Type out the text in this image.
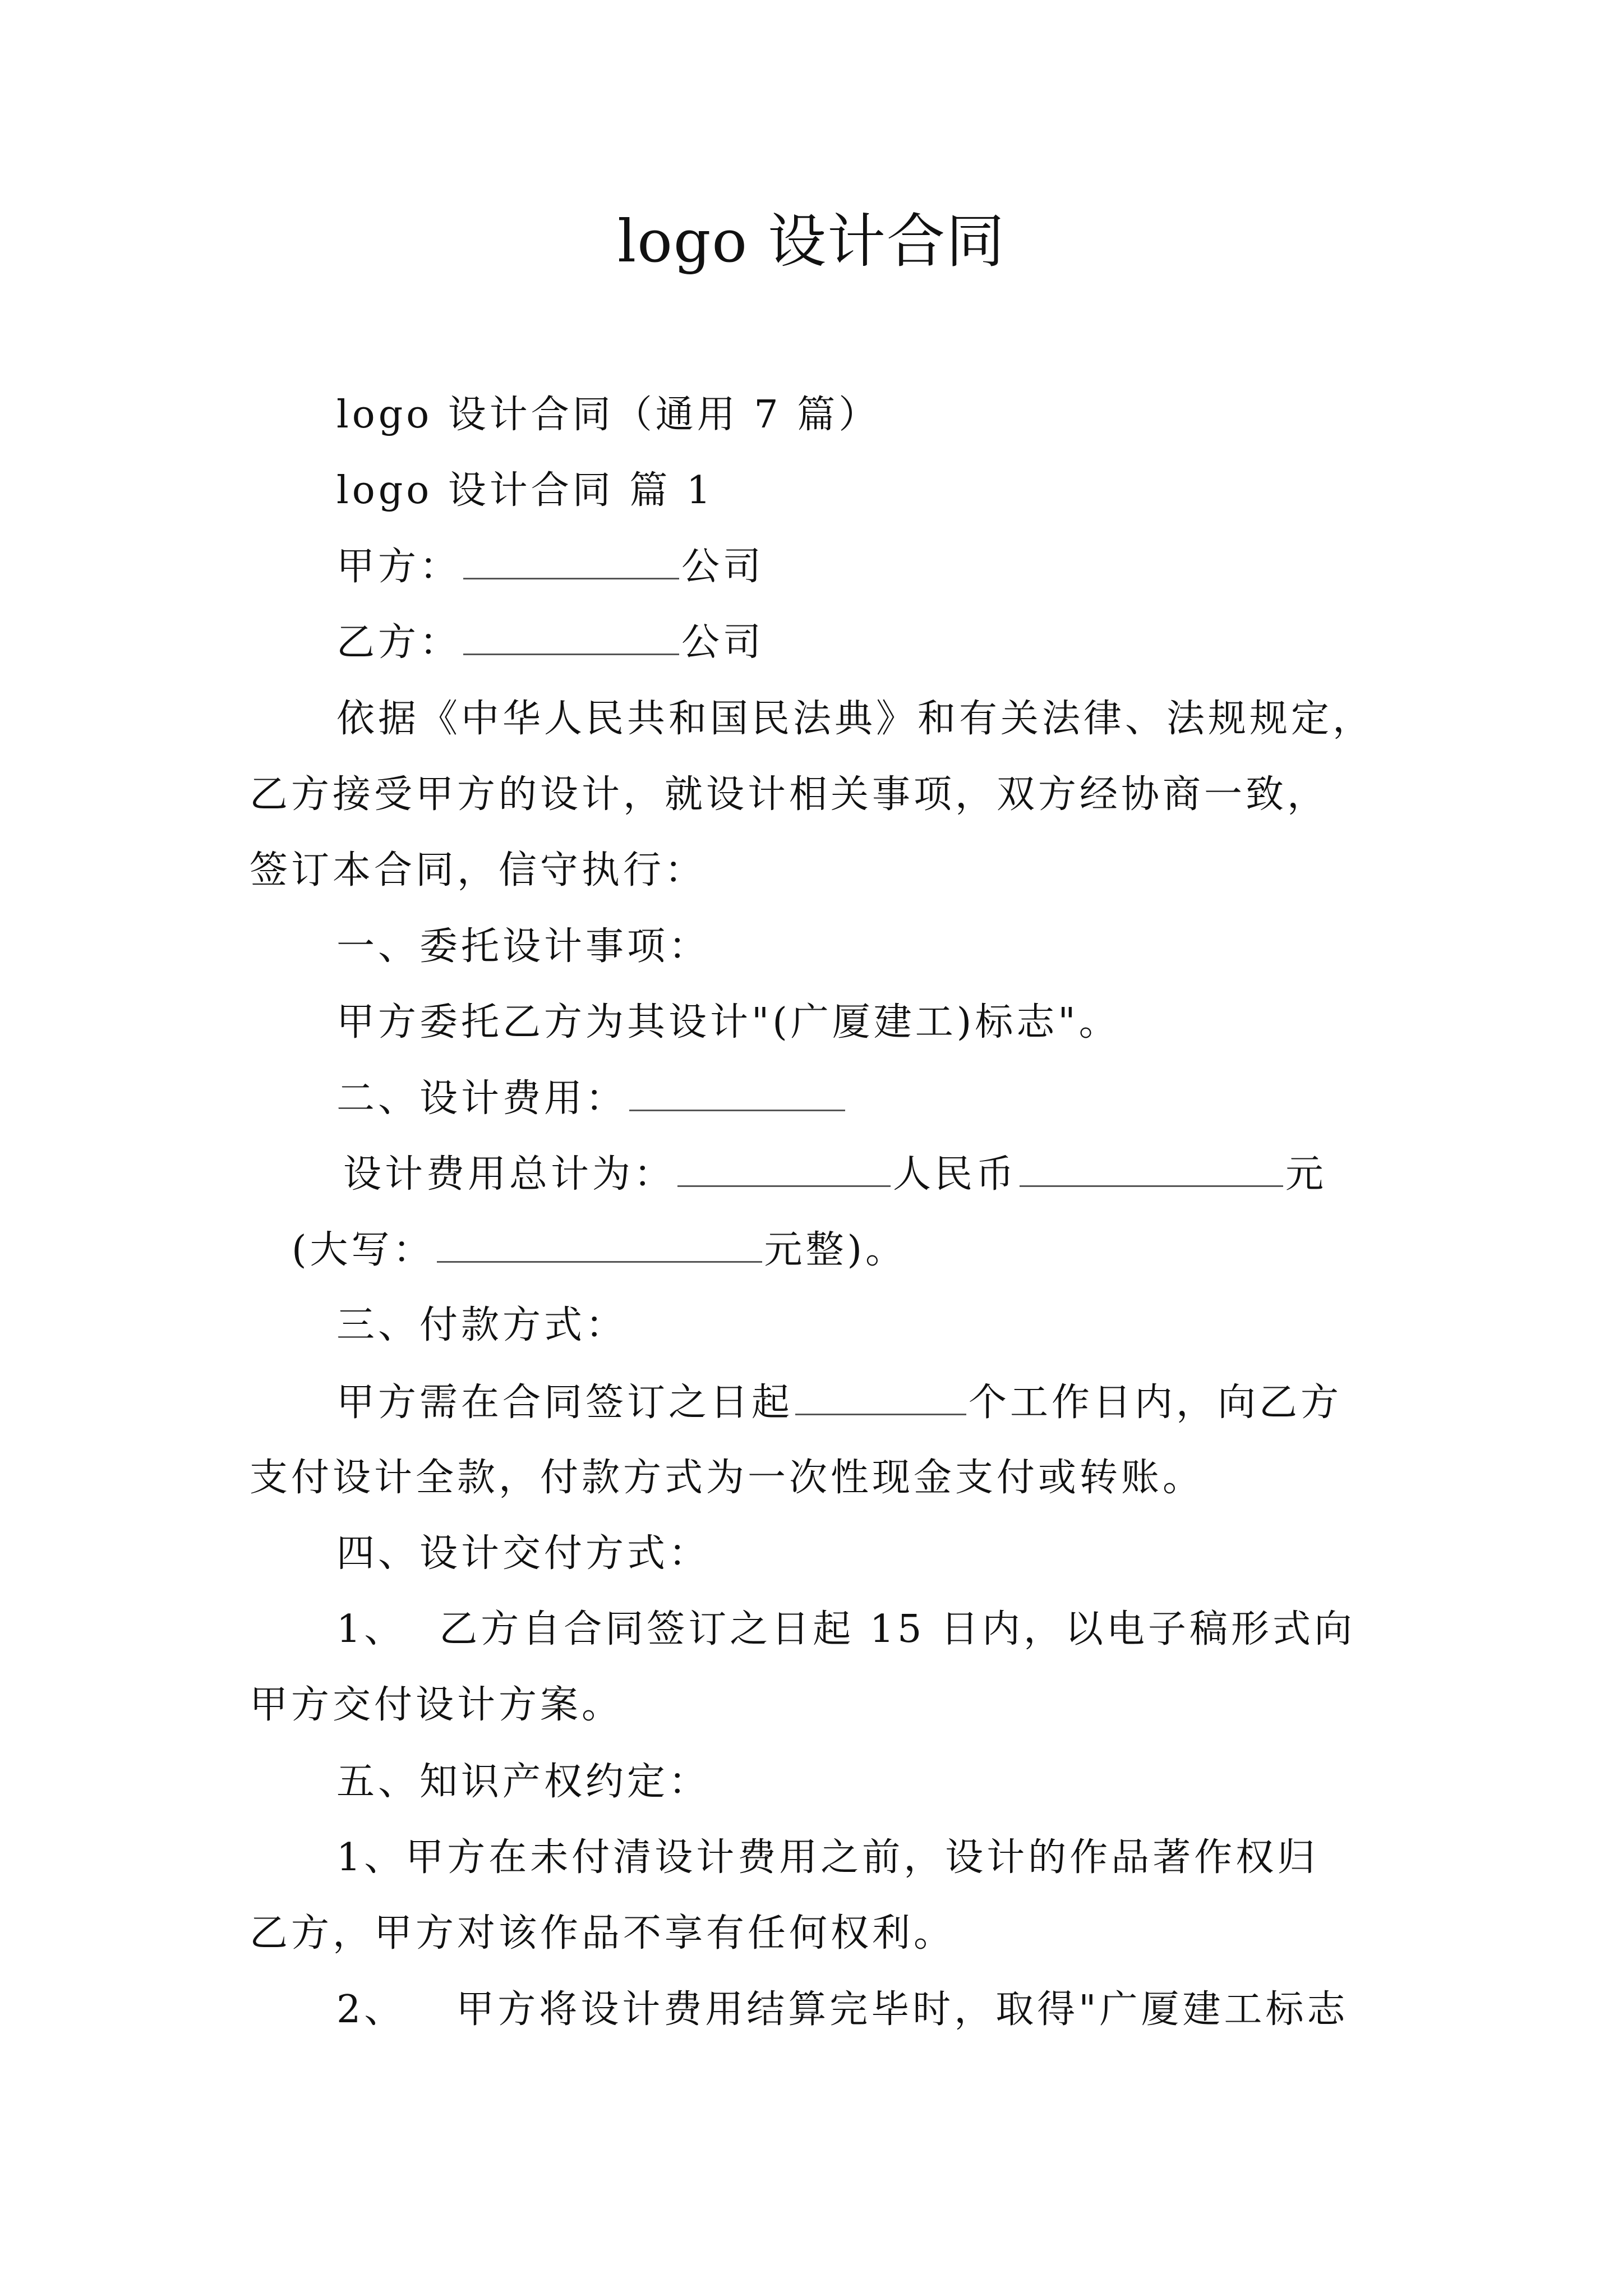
logo 设计合同
logo 设计合同（通用 7 篇）
logo 设计合同 篇 1
甲方：	公司
乙方：	公司
依据《中华人民共和国民法典》和有关法律、法规规定，
乙方接受甲方的设计，就设计相关事项，双方经协商一致，
签订本合同，信守执行：
一、委托设计事项：
甲方委托乙方为其设计"(广厦建工)标志"。
二、设计费用：
设计费用总计为：	人民币	元
(大写：	元整)。
三、付款方式：
甲方需在合同签订之日起	个工作日内，向乙方
支付设计全款，付款方式为一次性现金支付或转账。
四、设计交付方式：
1、 乙方自合同签订之日起 15 日内，以电子稿形式向
甲方交付设计方案。
五、知识产权约定：
1、甲方在未付清设计费用之前，设计的作品著作权归
乙方，甲方对该作品不享有任何权利。
2、 甲方将设计费用结算完毕时，取得"广厦建工标志
